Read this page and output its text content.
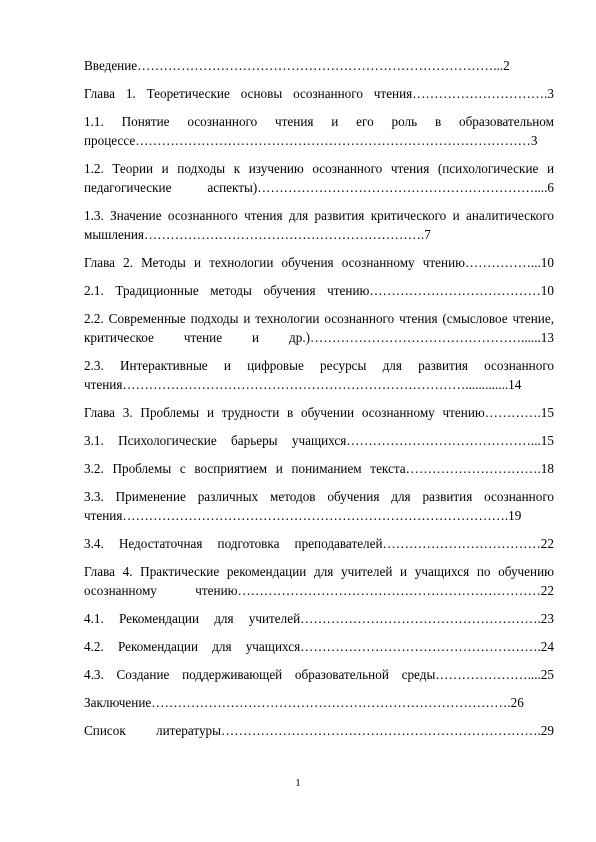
Введение………………………………………………………………………...2

Глава 1. Теоретические основы осознанного чтения………………………….3

1.1. Понятие осознанного чтения и его роль в образовательном процессе………………………………………………………………………………3

1.2. Теории и подходы к изучению осознанного чтения (психологические и педагогические аспекты)………………………………………………………....6

1.3. Значение осознанного чтения для развития критического и аналитического мышления……………………………………………………….7

Глава 2. Методы и технологии обучения осознанному чтению……………...10

2.1. Традиционные методы обучения чтению…………………………………10

2.2. Современные подходы и технологии осознанного чтения (смысловое чтение, критическое чтение и др.)…………………………………………......13

2.3. Интерактивные и цифровые ресурсы для развития осознанного чтения…………………………………………………………………….............14

Глава 3. Проблемы и трудности в обучении осознанному чтению………….15

3.1. Психологические барьеры учащихся……………………………………...15

3.2. Проблемы с восприятием и пониманием текста………………………….18

3.3. Применение различных методов обучения для развития осознанного чтения…………………………………………………………………………….19

3.4. Недостаточная подготовка преподавателей………………………………22

Глава 4. Практические рекомендации для учителей и учащихся по обучению осознанному чтению……………………………………………………………22

4.1. Рекомендации для учителей……………………………………………….23

4.2. Рекомендации для учащихся……………………………………………….24

4.3. Создание поддерживающей образовательной среды…………………....25

Заключение……………………………………………………………………….26

Список литературы……………………………………………………………….29

1
